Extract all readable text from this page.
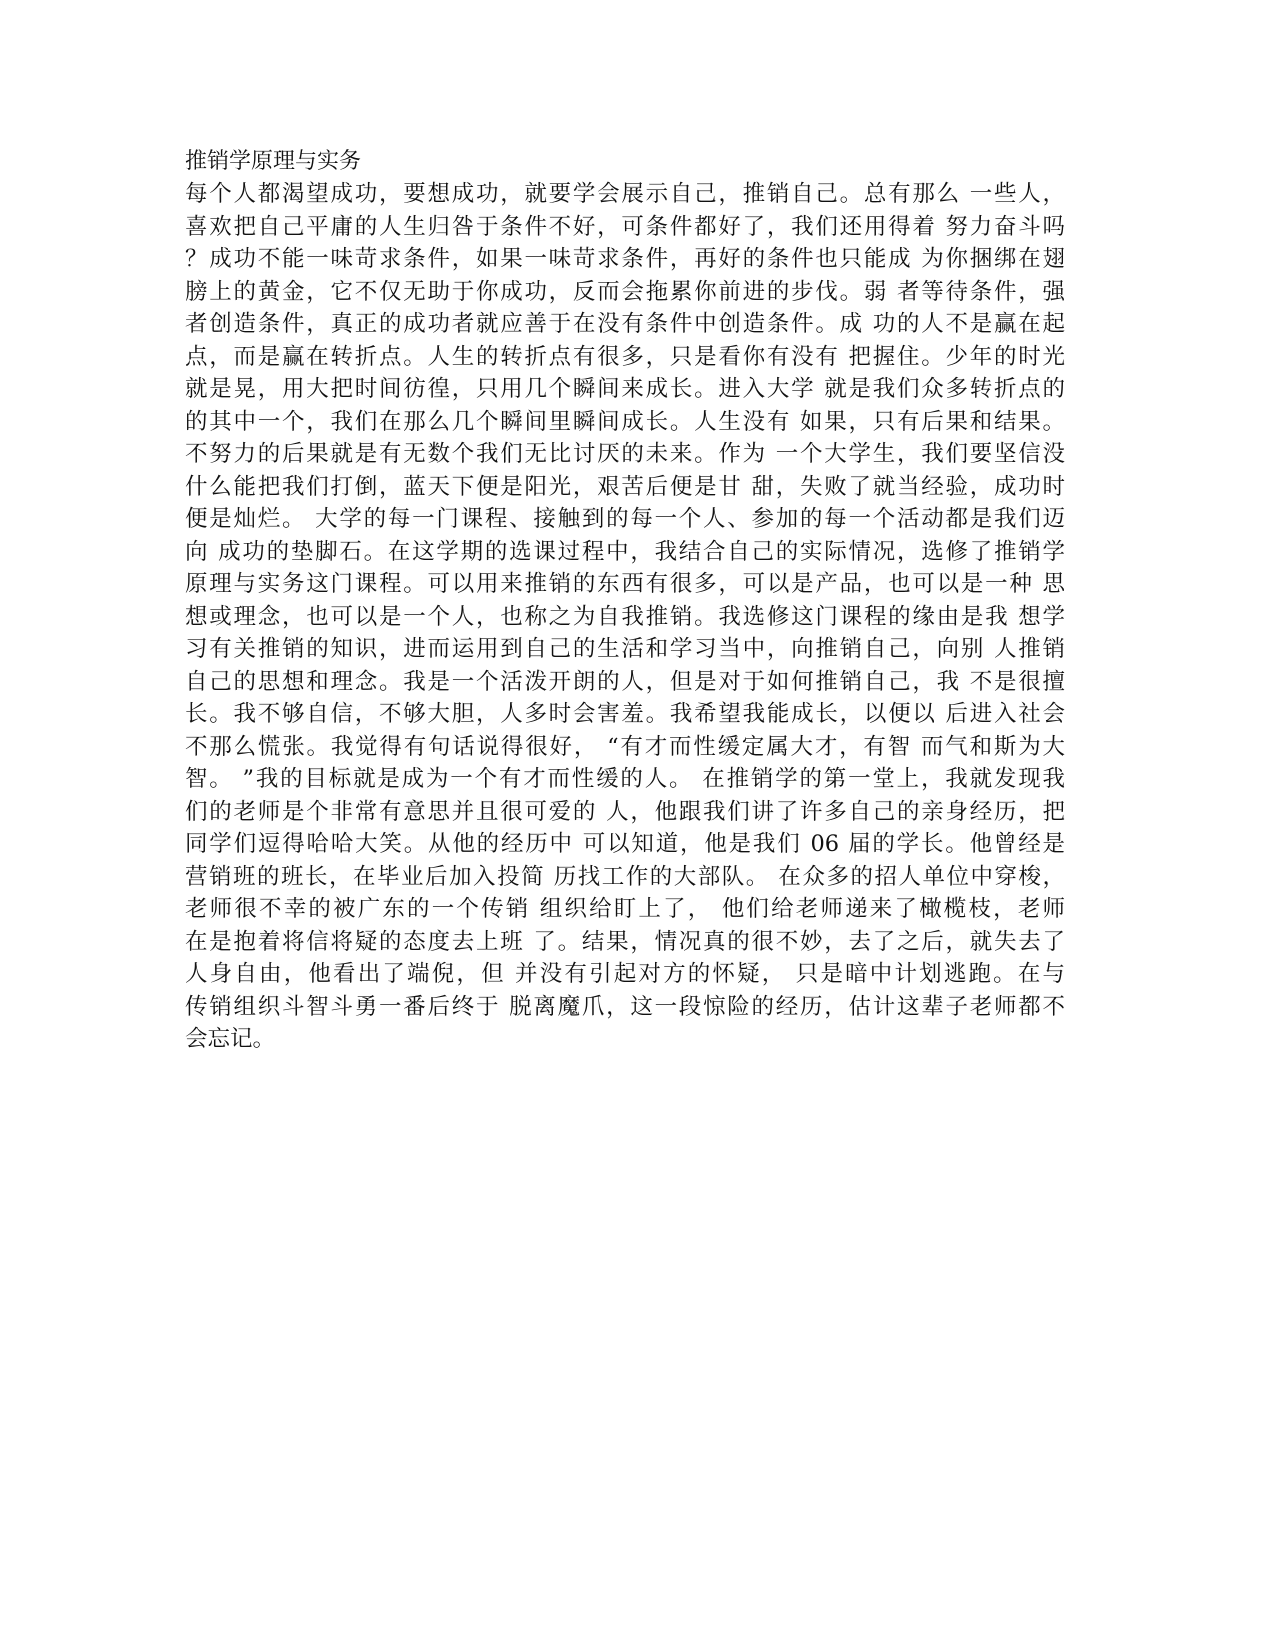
推销学原理与实务
每个人都渴望成功，要想成功，就要学会展示自己，推销自己。总有那么 一些人，
喜欢把自己平庸的人生归咎于条件不好，可条件都好了，我们还用得着 努力奋斗吗
？成功不能一味苛求条件，如果一味苛求条件，再好的条件也只能成 为你捆绑在翅
膀上的黄金，它不仅无助于你成功，反而会拖累你前进的步伐。弱 者等待条件，强
者创造条件，真正的成功者就应善于在没有条件中创造条件。成 功的人不是赢在起
点，而是赢在转折点。人生的转折点有很多，只是看你有没有 把握住。少年的时光
就是晃，用大把时间彷徨，只用几个瞬间来成长。进入大学 就是我们众多转折点的
的其中一个，我们在那么几个瞬间里瞬间成长。人生没有 如果，只有后果和结果。
不努力的后果就是有无数个我们无比讨厌的未来。作为 一个大学生，我们要坚信没
什么能把我们打倒，蓝天下便是阳光，艰苦后便是甘 甜，失败了就当经验，成功时
便是灿烂。 大学的每一门课程、接触到的每一个人、参加的每一个活动都是我们迈
向 成功的垫脚石。在这学期的选课过程中，我结合自己的实际情况，选修了推销学
原理与实务这门课程。可以用来推销的东西有很多，可以是产品，也可以是一种 思
想或理念，也可以是一个人，也称之为自我推销。我选修这门课程的缘由是我 想学
习有关推销的知识，进而运用到自己的生活和学习当中，向推销自己，向别 人推销
自己的思想和理念。我是一个活泼开朗的人，但是对于如何推销自己，我 不是很擅
长。我不够自信，不够大胆，人多时会害羞。我希望我能成长，以便以 后进入社会
不那么慌张。我觉得有句话说得很好， “有才而性缓定属大才，有智 而气和斯为大
智。 ”我的目标就是成为一个有才而性缓的人。 在推销学的第一堂上，我就发现我
们的老师是个非常有意思并且很可爱的 人，他跟我们讲了许多自己的亲身经历，把
同学们逗得哈哈大笑。从他的经历中 可以知道，他是我们 06 届的学长。他曾经是
营销班的班长，在毕业后加入投简 历找工作的大部队。 在众多的招人单位中穿梭，
老师很不幸的被广东的一个传销 组织给盯上了， 他们给老师递来了橄榄枝，老师
在是抱着将信将疑的态度去上班 了。结果，情况真的很不妙，去了之后，就失去了
人身自由，他看出了端倪，但 并没有引起对方的怀疑， 只是暗中计划逃跑。在与
传销组织斗智斗勇一番后终于 脱离魔爪，这一段惊险的经历，估计这辈子老师都不
会忘记。
